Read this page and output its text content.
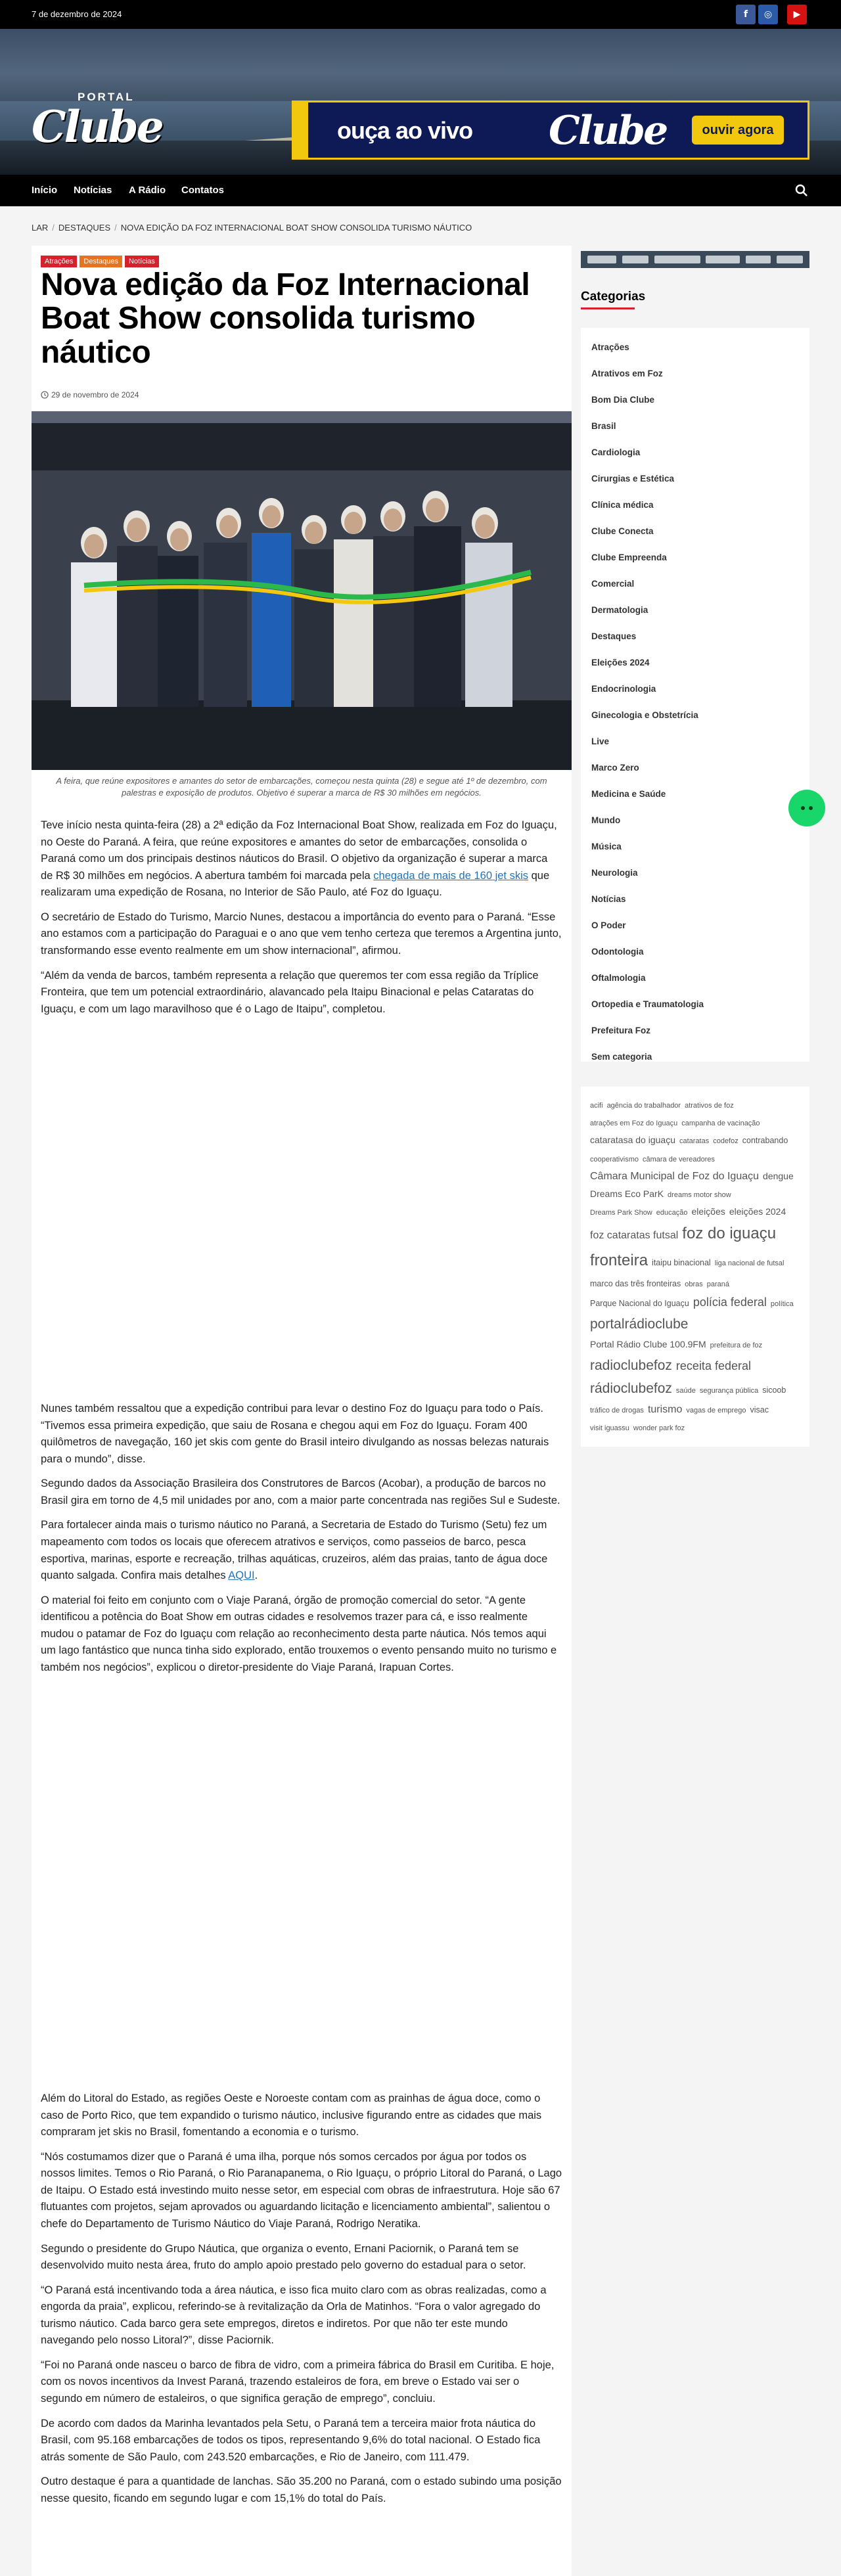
7 de dezembro de 2024	f	◎	▶
PORTAL
Clube	ouça ao vivo Clube	ouvir agora
Início Notícias A Rádio Contatos
LAR / DESTAQUES / NOVA EDIÇÃO DA FOZ INTERNACIONAL BOAT SHOW CONSOLIDA TURISMO NÁUTICO
Atrações Destaques Notícias
Nova edição da Foz Internacional Boat Show consolida turismo náutico
29 de novembro de 2024
A feira, que reúne expositores e amantes do setor de embarcações, começou nesta quinta (28) e segue até 1º de dezembro, com palestras e exposição de produtos. Objetivo é superar a marca de R$ 30 milhões em negócios.

Teve início nesta quinta-feira (28) a 2ª edição da Foz Internacional Boat Show, realizada em Foz do Iguaçu, no Oeste do Paraná. A feira, que reúne expositores e amantes do setor de embarcações, consolida o Paraná como um dos principais destinos náuticos do Brasil. O objetivo da organização é superar a marca de R$ 30 milhões em negócios. A abertura também foi marcada pela chegada de mais de 160 jet skis que realizaram uma expedição de Rosana, no Interior de São Paulo, até Foz do Iguaçu.

O secretário de Estado do Turismo, Marcio Nunes, destacou a importância do evento para o Paraná. “Esse ano estamos com a participação do Paraguai e o ano que vem tenho certeza que teremos a Argentina junto, transformando esse evento realmente em um show internacional”, afirmou.

“Além da venda de barcos, também representa a relação que queremos ter com essa região da Tríplice Fronteira, que tem um potencial extraordinário, alavancado pela Itaipu Binacional e pelas Cataratas do Iguaçu, e com um lago maravilhoso que é o Lago de Itaipu”, completou.

Nunes também ressaltou que a expedição contribui para levar o destino Foz do Iguaçu para todo o País. “Tivemos essa primeira expedição, que saiu de Rosana e chegou aqui em Foz do Iguaçu. Foram 400 quilômetros de navegação, 160 jet skis com gente do Brasil inteiro divulgando as nossas belezas naturais para o mundo”, disse.

Segundo dados da Associação Brasileira dos Construtores de Barcos (Acobar), a produção de barcos no Brasil gira em torno de 4,5 mil unidades por ano, com a maior parte concentrada nas regiões Sul e Sudeste.

Para fortalecer ainda mais o turismo náutico no Paraná, a Secretaria de Estado do Turismo (Setu) fez um mapeamento com todos os locais que oferecem atrativos e serviços, como passeios de barco, pesca esportiva, marinas, esporte e recreação, trilhas aquáticas, cruzeiros, além das praias, tanto de água doce quanto salgada. Confira mais detalhes AQUI.

O material foi feito em conjunto com o Viaje Paraná, órgão de promoção comercial do setor. “A gente identificou a potência do Boat Show em outras cidades e resolvemos trazer para cá, e isso realmente mudou o patamar de Foz do Iguaçu com relação ao reconhecimento desta parte náutica. Nós temos aqui um lago fantástico que nunca tinha sido explorado, então trouxemos o evento pensando muito no turismo e também nos negócios”, explicou o diretor-presidente do Viaje Paraná, Irapuan Cortes.

Além do Litoral do Estado, as regiões Oeste e Noroeste contam com as prainhas de água doce, como o caso de Porto Rico, que tem expandido o turismo náutico, inclusive figurando entre as cidades que mais compraram jet skis no Brasil, fomentando a economia e o turismo.

“Nós costumamos dizer que o Paraná é uma ilha, porque nós somos cercados por água por todos os nossos limites. Temos o Rio Paraná, o Rio Paranapanema, o Rio Iguaçu, o próprio Litoral do Paraná, o Lago de Itaipu. O Estado está investindo muito nesse setor, em especial com obras de infraestrutura. Hoje são 67 flutuantes com projetos, sejam aprovados ou aguardando licitação e licenciamento ambiental”, salientou o chefe do Departamento de Turismo Náutico do Viaje Paraná, Rodrigo Neratika.

Segundo o presidente do Grupo Náutica, que organiza o evento, Ernani Paciornik, o Paraná tem se desenvolvido muito nesta área, fruto do amplo apoio prestado pelo governo do estadual para o setor.

“O Paraná está incentivando toda a área náutica, e isso fica muito claro com as obras realizadas, como a engorda da praia”, explicou, referindo-se à revitalização da Orla de Matinhos. “Fora o valor agregado do turismo náutico. Cada barco gera sete empregos, diretos e indiretos. Por que não ter este mundo navegando pelo nosso Litoral?”, disse Paciornik.

“Foi no Paraná onde nasceu o barco de fibra de vidro, com a primeira fábrica do Brasil em Curitiba. E hoje, com os novos incentivos da Invest Paraná, trazendo estaleiros de fora, em breve o Estado vai ser o segundo em número de estaleiros, o que significa geração de emprego”, concluiu.

De acordo com dados da Marinha levantados pela Setu, o Paraná tem a terceira maior frota náutica do Brasil, com 95.168 embarcações de todos os tipos, representando 9,6% do total nacional. O Estado fica atrás somente de São Paulo, com 243.520 embarcações, e Rio de Janeiro, com 111.479.

Outro destaque é para a quantidade de lanchas. São 35.200 no Paraná, com o estado subindo uma posição nesse quesito, ficando em segundo lugar e com 15,1% do total do País.

Categorias
Atrações
Atrativos em Foz
Bom Dia Clube
Brasil
Cardiologia
Cirurgias e Estética
Clínica médica
Clube Conecta
Clube Empreenda
Comercial
Dermatologia
Destaques
Eleições 2024
Endocrinologia
Ginecologia e Obstetrícia
Live
Marco Zero
Medicina e Saúde
Mundo
Música
Neurologia
Notícias
O Poder
Odontologia
Oftalmologia
Ortopedia e Traumatologia
Prefeitura Foz
Sem categoria
acifi agência do trabalhador atrativos de fozatrações em Foz do Iguaçu campanha de vacinaçãocataratasa do iguaçu cataratas codefoz contrabandocooperativismo câmara de vereadoresCâmara Municipal de Foz do Iguaçu dengueDreams Eco ParK dreams motor showDreams Park Show educação eleições eleições 2024foz cataratas futsal foz do iguaçufronteira itaipu binacional liga nacional de futsalmarco das três fronteiras obras paranáParque Nacional do Iguaçu polícia federal políticaportalrádioclubePortal Rádio Clube 100.9FM prefeitura de fozradioclubefoz receita federalrádioclubefoz saúde segurança pública sicoobtráfico de drogas turismo vagas de emprego visacvisit iguassu wonder park foz
